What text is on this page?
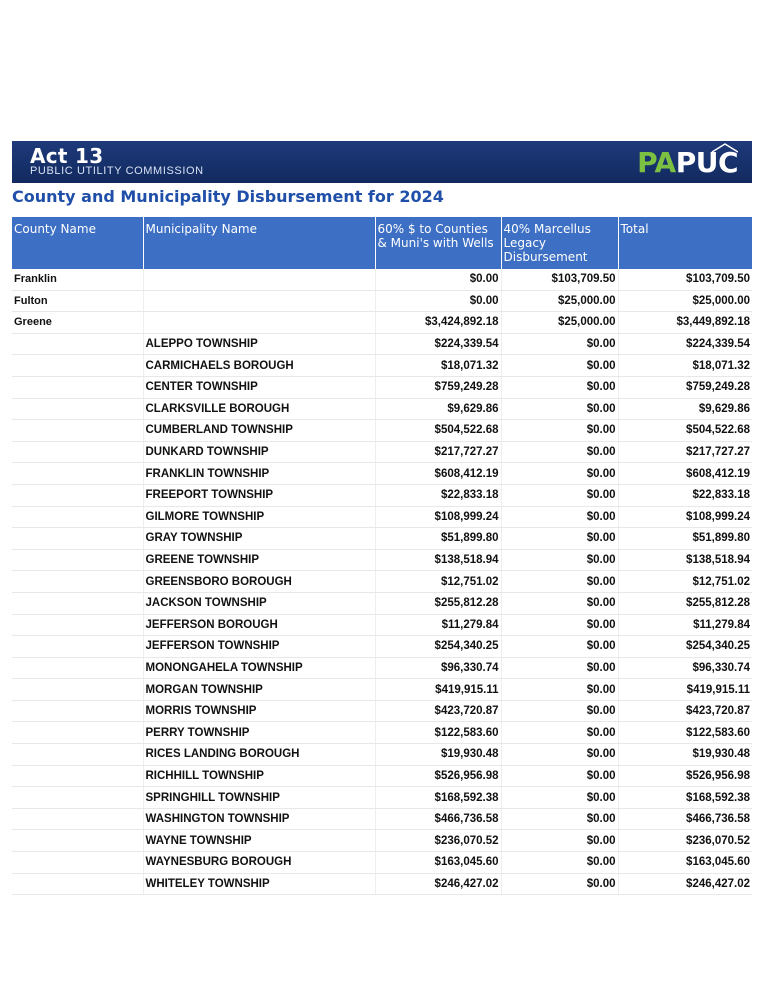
Act 13
PUBLIC UTILITY COMMISSION	PAPUC
County and Municipality Disbursement for 2024
County Name	Municipality Name	60% $ to Counties & Muni's with Wells	40% Marcellus Legacy Disbursement	Total
Franklin		$0.00	$103,709.50	$103,709.50
Fulton		$0.00	$25,000.00	$25,000.00
Greene		$3,424,892.18	$25,000.00	$3,449,892.18
	ALEPPO TOWNSHIP	$224,339.54	$0.00	$224,339.54
	CARMICHAELS BOROUGH	$18,071.32	$0.00	$18,071.32
	CENTER TOWNSHIP	$759,249.28	$0.00	$759,249.28
	CLARKSVILLE BOROUGH	$9,629.86	$0.00	$9,629.86
	CUMBERLAND TOWNSHIP	$504,522.68	$0.00	$504,522.68
	DUNKARD TOWNSHIP	$217,727.27	$0.00	$217,727.27
	FRANKLIN TOWNSHIP	$608,412.19	$0.00	$608,412.19
	FREEPORT TOWNSHIP	$22,833.18	$0.00	$22,833.18
	GILMORE TOWNSHIP	$108,999.24	$0.00	$108,999.24
	GRAY TOWNSHIP	$51,899.80	$0.00	$51,899.80
	GREENE TOWNSHIP	$138,518.94	$0.00	$138,518.94
	GREENSBORO BOROUGH	$12,751.02	$0.00	$12,751.02
	JACKSON TOWNSHIP	$255,812.28	$0.00	$255,812.28
	JEFFERSON BOROUGH	$11,279.84	$0.00	$11,279.84
	JEFFERSON TOWNSHIP	$254,340.25	$0.00	$254,340.25
	MONONGAHELA TOWNSHIP	$96,330.74	$0.00	$96,330.74
	MORGAN TOWNSHIP	$419,915.11	$0.00	$419,915.11
	MORRIS TOWNSHIP	$423,720.87	$0.00	$423,720.87
	PERRY TOWNSHIP	$122,583.60	$0.00	$122,583.60
	RICES LANDING BOROUGH	$19,930.48	$0.00	$19,930.48
	RICHHILL TOWNSHIP	$526,956.98	$0.00	$526,956.98
	SPRINGHILL TOWNSHIP	$168,592.38	$0.00	$168,592.38
	WASHINGTON TOWNSHIP	$466,736.58	$0.00	$466,736.58
	WAYNE TOWNSHIP	$236,070.52	$0.00	$236,070.52
	WAYNESBURG BOROUGH	$163,045.60	$0.00	$163,045.60
	WHITELEY TOWNSHIP	$246,427.02	$0.00	$246,427.02
